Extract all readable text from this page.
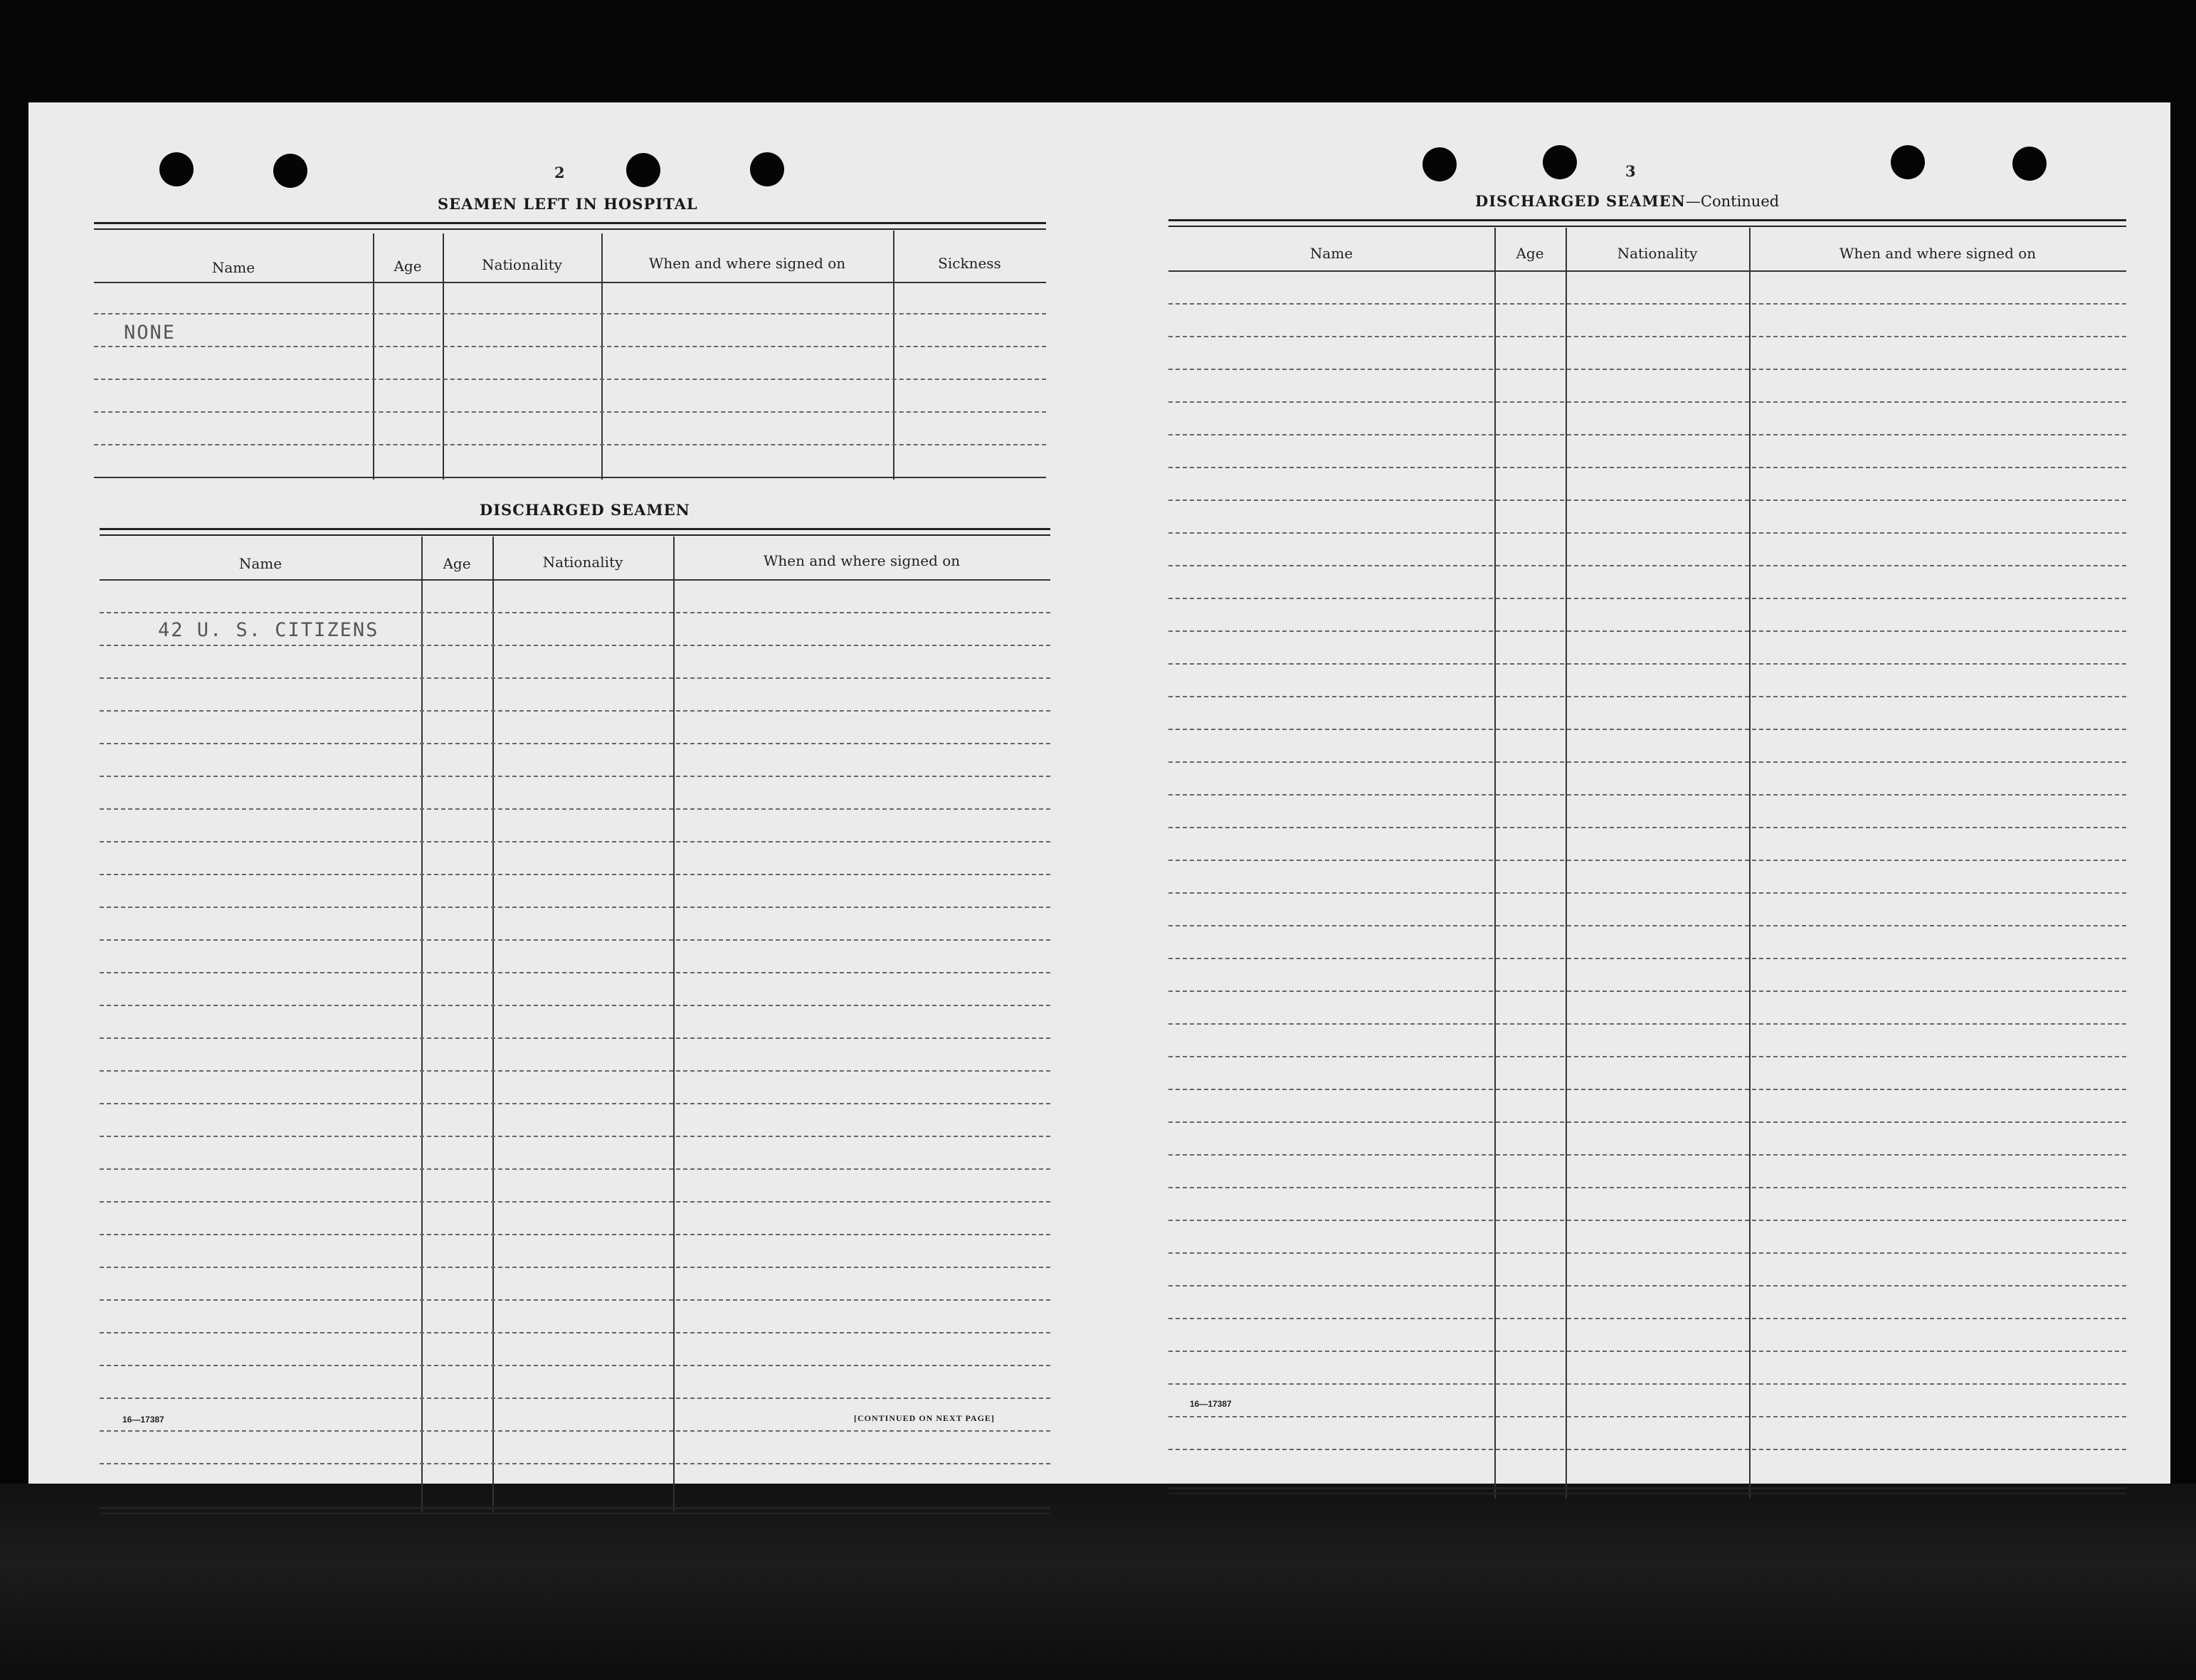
2
SEAMEN LEFT IN HOSPITAL
Name	Age	Nationality	When and where signed on	Sickness
NONE
DISCHARGED SEAMEN
Name	Age	Nationality	When and where signed on
42 U. S. CITIZENS
16—17387	[CONTINUED ON NEXT PAGE]
3
DISCHARGED SEAMEN—Continued
Name	Age	Nationality	When and where signed on
16—17387
